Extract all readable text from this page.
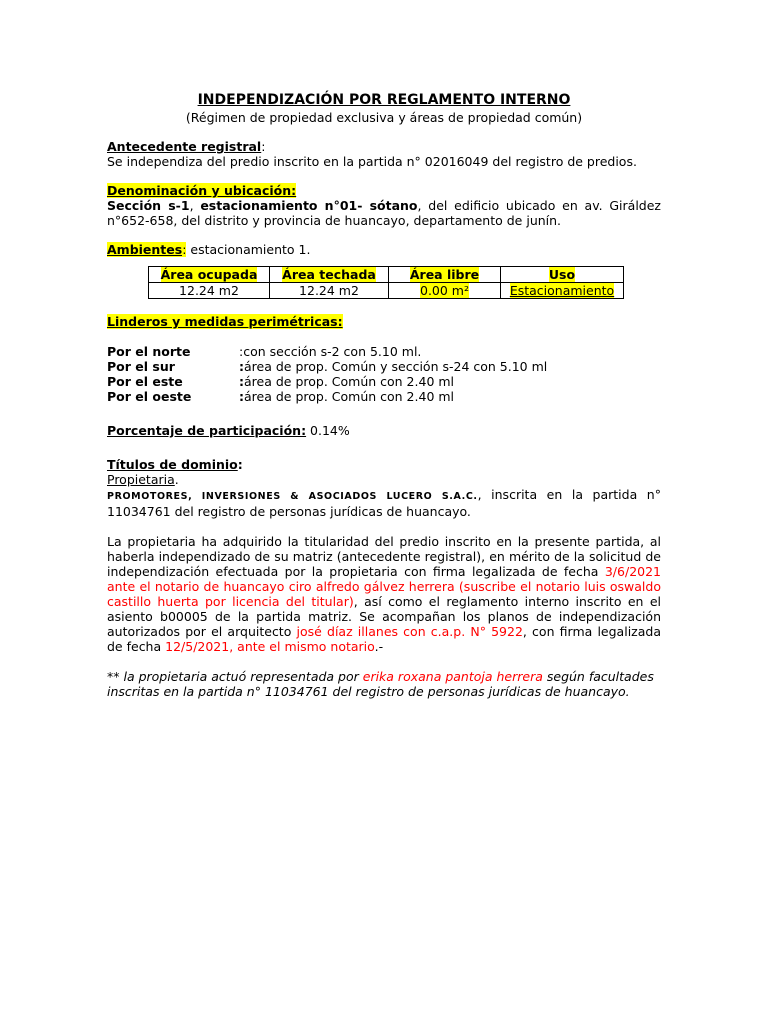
INDEPENDIZACIÓN POR REGLAMENTO INTERNO
(Régimen de propiedad exclusiva y áreas de propiedad común)
Antecedente registral:
Se independiza del predio inscrito en la partida n° 02016049 del registro de predios.
Denominación y ubicación:
Sección s-1, estacionamiento n°01- sótano, del edificio ubicado en av. Giráldez n°652-658, del distrito y provincia de huancayo, departamento de junín.
Ambientes: estacionamiento 1.
Área ocupada	Área techada	Área libre	Uso
12.24 m2	12.24 m2	0.00 m²	Estacionamiento
Linderos y medidas perimétricas:
Por el norte	: con sección s-2 con 5.10 ml.
Por el sur	: área de prop. Común y sección s-24 con 5.10 ml
Por el este	: área de prop. Común con 2.40 ml
Por el oeste	: área de prop. Común con 2.40 ml
Porcentaje de participación: 0.14%
Títulos de dominio:
Propietaria.
PROMOTORES, INVERSIONES & ASOCIADOS LUCERO S.A.C., inscrita en la partida n° 11034761 del registro de personas jurídicas de huancayo.
La propietaria ha adquirido la titularidad del predio inscrito en la presente partida, al haberla independizado de su matriz (antecedente registral), en mérito de la solicitud de independización efectuada por la propietaria con firma legalizada de fecha 3/6/2021 ante el notario de huancayo ciro alfredo gálvez herrera (suscribe el notario luis oswaldo castillo huerta por licencia del titular), así como el reglamento interno inscrito en el asiento b00005 de la partida matriz. Se acompañan los planos de independización autorizados por el arquitecto josé díaz illanes con c.a.p. N° 5922, con firma legalizada de fecha 12/5/2021, ante el mismo notario.-
** la propietaria actuó representada por erika roxana pantoja herrera según facultades inscritas en la partida n° 11034761 del registro de personas jurídicas de huancayo.
